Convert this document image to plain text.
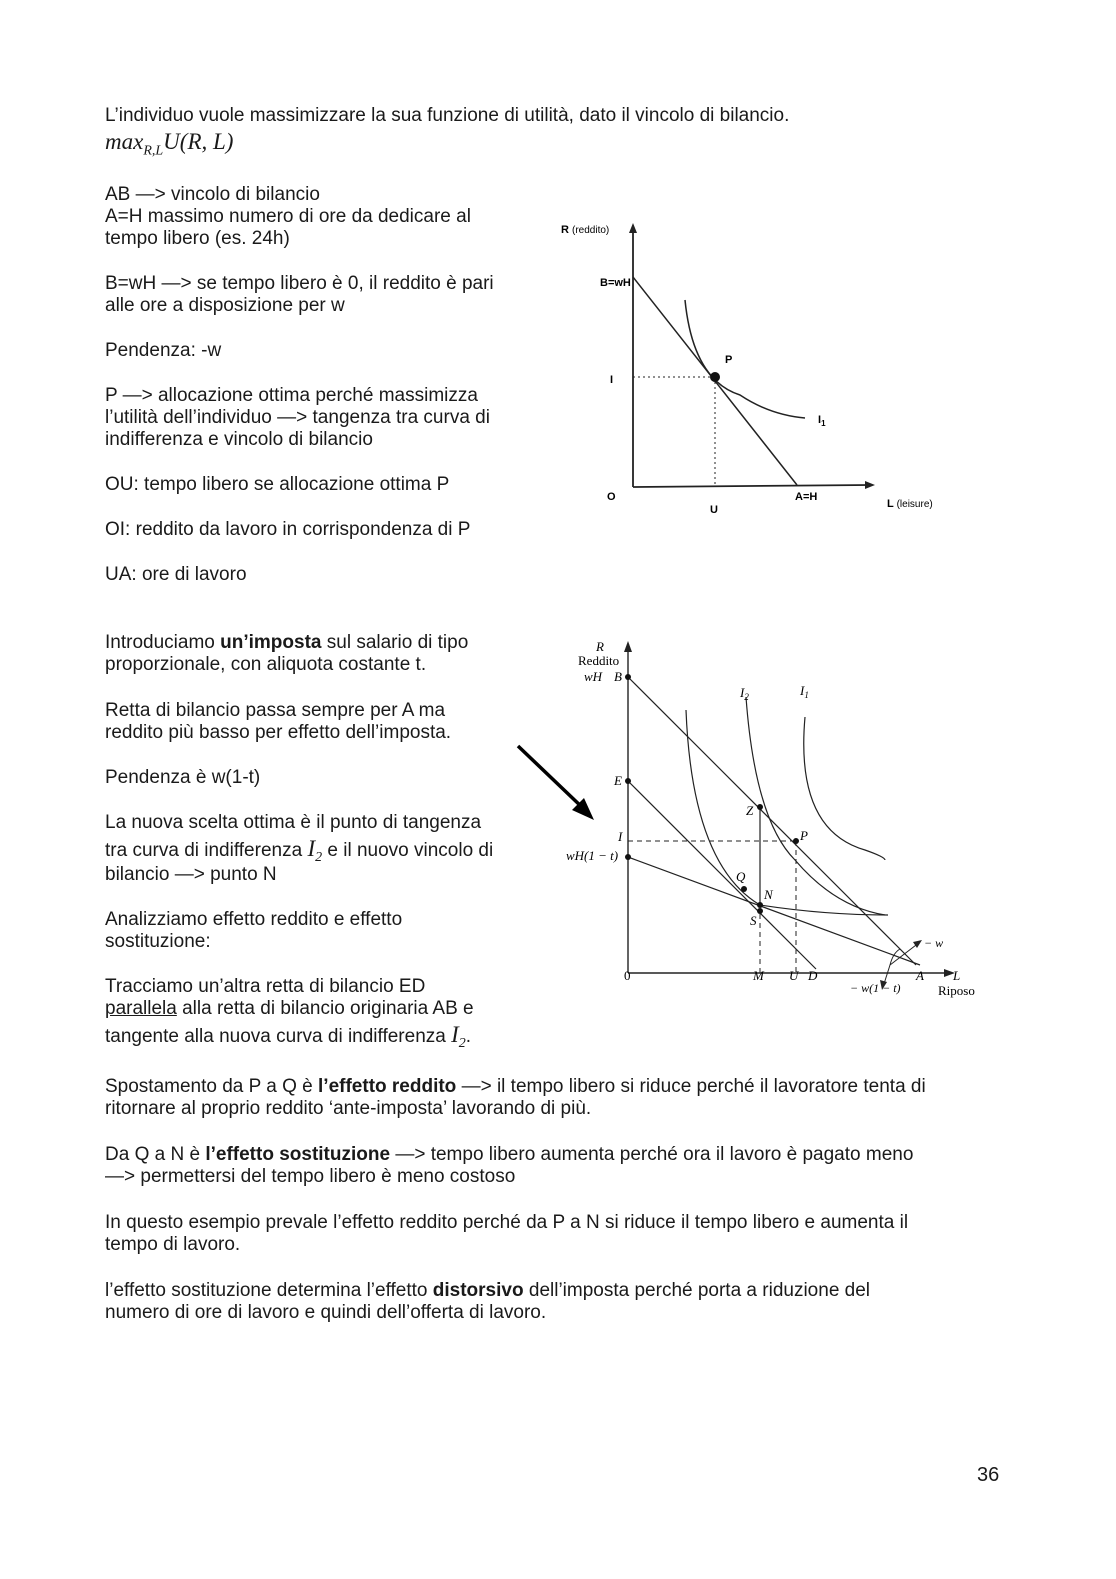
L’individuo vuole massimizzare la sua funzione di utilità, dato il vincolo di bilancio.

$\max_{R,L}U(R$, L)

AB —> vincolo di bilancio

A=H massimo numero di ore da dedicare al

tempo libero (es. 24h)

B=wH —> se tempo libero è 0, il reddito è pari

alle ore a disposizione per w

Pendenza: -w

P —> allocazione ottima perché massimizza

l’utilità dell’individuo —> tangenza tra curva di

indifferenza e vincolo di bilancio

OU: tempo libero se allocazione ottima P

OI: reddito da lavoro in corrispondenza di P

UA: ore di lavoro

R (reddito)
B=wH
I
O
U
A=H
P
$I_1$
L (leisure)

Introduciamo un’imposta sul salario di tipo

proporzionale, con aliquota costante t.

Retta di bilancio passa sempre per A ma

reddito più basso per effetto dell’imposta.

Pendenza è w(1-t)

La nuova scelta ottima è il punto di tangenza

tra curva di indifferenza $I_2$ e il nuovo vincolo di

bilancio —> punto N

Analizziamo effetto reddito e effetto

sostituzione:

Tracciamo un’altra retta di bilancio ED

parallela alla retta di bilancio originaria AB e

tangente alla nuova curva di indifferenza $I_2$.

R
Reddito
wH B
E
I
wH(1 − t)
0	M U D	A L
Riposo
P
Z
Q
N
S
$I_2$	$I_1$
− w
− w(1 − t)

Spostamento da P a Q è l’effetto reddito —> il tempo libero si riduce perché il lavoratore tenta di

ritornare al proprio reddito ‘ante-imposta’ lavorando di più.

Da Q a N è l’effetto sostituzione —> tempo libero aumenta perché ora il lavoro è pagato meno

—> permettersi del tempo libero è meno costoso

In questo esempio prevale l’effetto reddito perché da P a N si riduce il tempo libero e aumenta il

tempo di lavoro.

l’effetto sostituzione determina l’effetto distorsivo dell’imposta perché porta a riduzione del

numero di ore di lavoro e quindi dell’offerta di lavoro.

36
